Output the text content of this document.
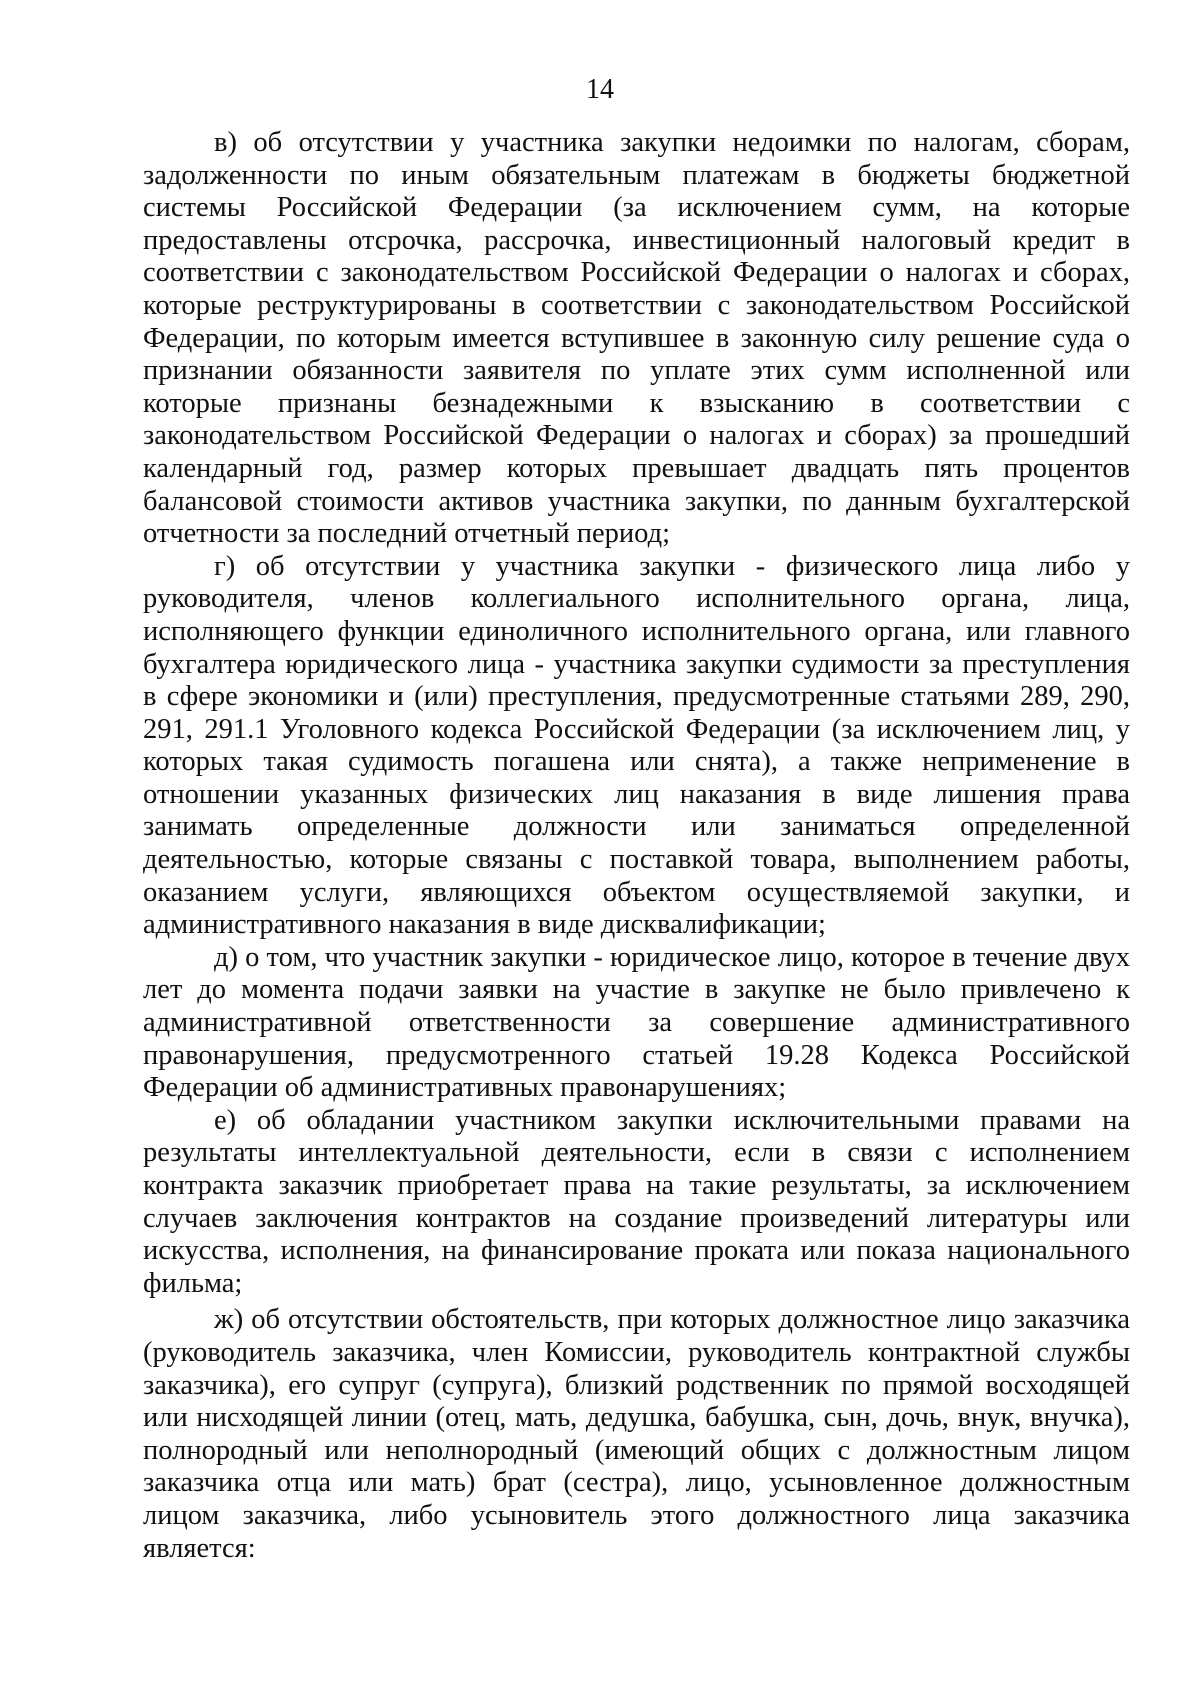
14

в) об отсутствии у участника закупки недоимки по налогам, сборам, задолженности по иным обязательным платежам в бюджеты бюджетной системы Российской Федерации (за исключением сумм, на которые предоставлены отсрочка, рассрочка, инвестиционный налоговый кредит в соответствии с законодательством Российской Федерации о налогах и сборах, которые реструктурированы в соответствии с законодательством Российской Федерации, по которым имеется вступившее в законную силу решение суда о признании обязанности заявителя по уплате этих сумм исполненной или которые признаны безнадежными к взысканию в соответствии с законодательством Российской Федерации о налогах и сборах) за прошедший календарный год, размер которых превышает двадцать пять процентов балансовой стоимости активов участника закупки, по данным бухгалтерской отчетности за последний отчетный период;

г) об отсутствии у участника закупки - физического лица либо у руководителя, членов коллегиального исполнительного органа, лица, исполняющего функции единоличного исполнительного органа, или главного бухгалтера юридического лица - участника закупки судимости за преступления в сфере экономики и (или) преступления, предусмотренные статьями 289, 290, 291, 291.1 Уголовного кодекса Российской Федерации (за исключением лиц, у которых такая судимость погашена или снята), а также неприменение в отношении указанных физических лиц наказания в виде лишения права занимать определенные должности или заниматься определенной деятельностью, которые связаны с поставкой товара, выполнением работы, оказанием услуги, являющихся объектом осуществляемой закупки, и административного наказания в виде дисквалификации;

д) о том, что участник закупки - юридическое лицо, которое в течение двух лет до момента подачи заявки на участие в закупке не было привлечено к административной ответственности за совершение административного правонарушения, предусмотренного статьей 19.28 Кодекса Российской Федерации об административных правонарушениях;

е) об обладании участником закупки исключительными правами на результаты интеллектуальной деятельности, если в связи с исполнением контракта заказчик приобретает права на такие результаты, за исключением случаев заключения контрактов на создание произведений литературы или искусства, исполнения, на финансирование проката или показа национального фильма;

ж) об отсутствии обстоятельств, при которых должностное лицо заказчика (руководитель заказчика, член Комиссии, руководитель контрактной службы заказчика), его супруг (супруга), близкий родственник по прямой восходящей или нисходящей линии (отец, мать, дедушка, бабушка, сын, дочь, внук, внучка), полнородный или неполнородный (имеющий общих с должностным лицом заказчика отца или мать) брат (сестра), лицо, усыновленное должностным лицом заказчика, либо усыновитель этого должностного лица заказчика является:
